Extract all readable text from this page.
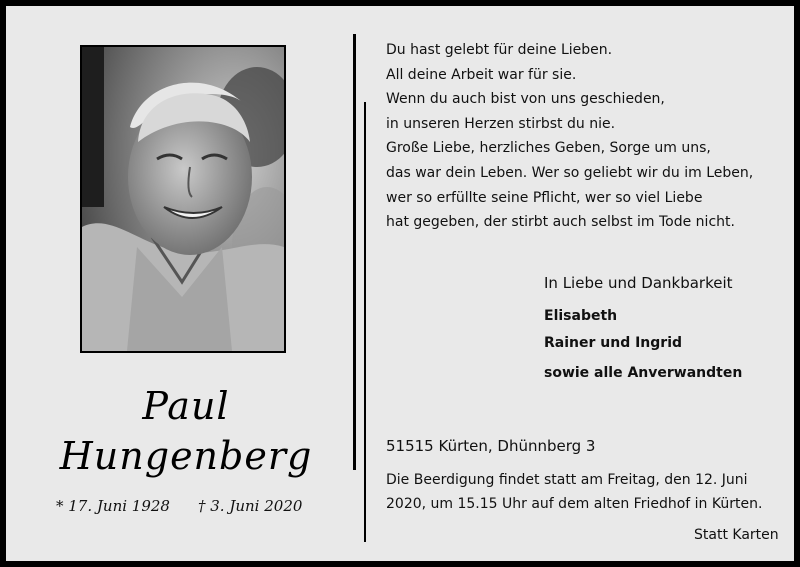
Paul
Hungenberg
* 17. Juni 1928 † 3. Juni 2020
Du hast gelebt für deine Lieben.
All deine Arbeit war für sie.
Wenn du auch bist von uns geschieden,
in unseren Herzen stirbst du nie.
Große Liebe, herzliches Geben, Sorge um uns,
das war dein Leben. Wer so geliebt wir du im Leben,
wer so erfüllte seine Pflicht, wer so viel Liebe
hat gegeben, der stirbt auch selbst im Tode nicht.
In Liebe und Dankbarkeit
Elisabeth
Rainer und Ingrid
sowie alle Anverwandten
51515 Kürten, Dhünnberg 3

Die Beerdigung findet statt am Freitag, den 12. Juni 2020, um 15.15 Uhr auf dem alten Friedhof in Kürten.

Statt Karten
